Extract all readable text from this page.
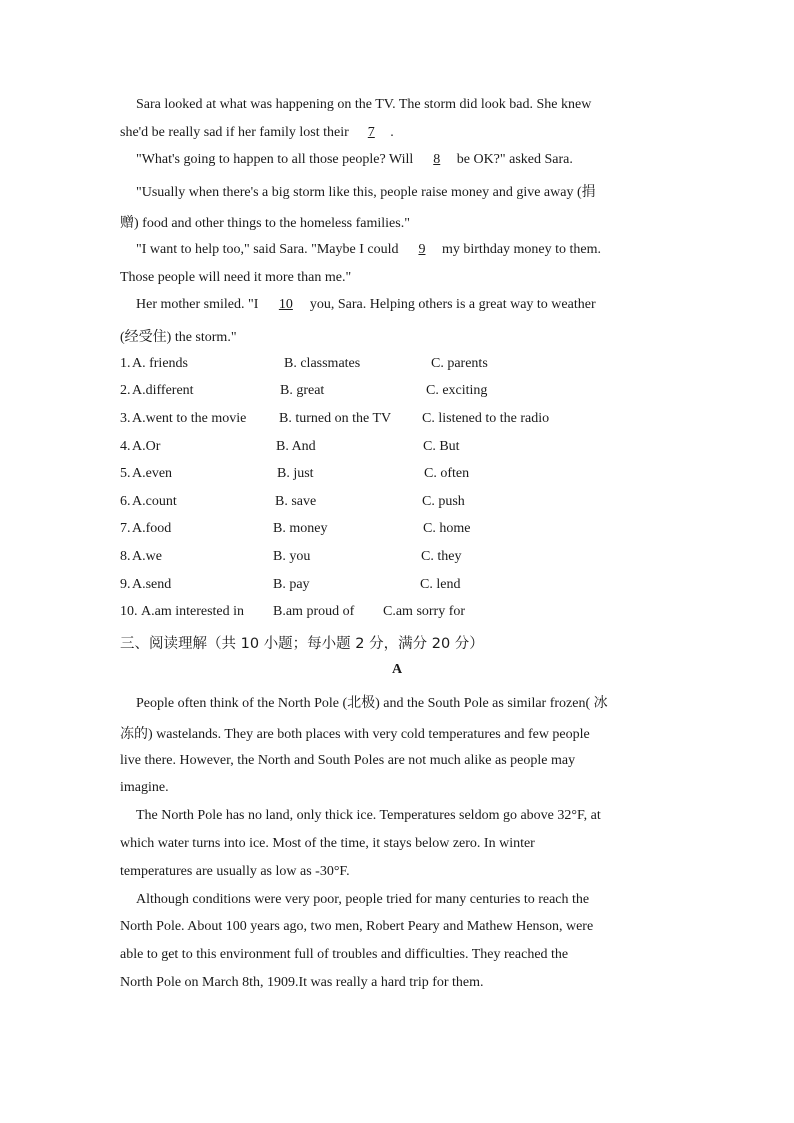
Sara looked at what was happening on the TV. The storm did look bad. She knew
she'd be really sad if her family lost their 7.
"What's going to happen to all those people? Will 8be OK?" asked Sara.
"Usually when there's a big storm like this, people raise money and give away (捐
赠) food and other things to the homeless families."
"I want to help too," said Sara. "Maybe I could 9my birthday money to them.
Those people will need it more than me."
Her mother smiled. "I 10you, Sara. Helping others is a great way to weather
(经受住) the storm."
1. A. friends	B. classmates	C. parents
2. A.different	B. great	C. exciting
3. A.went to the movie B. turned on the TV C. listened to the radio
4. A.Or	B. And	C. But
5. A.even	B. just	C. often
6. A.count	B. save	C. push
7. A.food	B. money	C. home
8. A.we	B. you	C. they
9. A.send	B. pay	C. lend
10. A.am interested in B.am proud of C.am sorry for
三、阅读理解（共 10 小题；每小题 2 分，满分 20 分）
A
People often think of the North Pole (北极) and the South Pole as similar frozen( 冰
冻的) wastelands. They are both places with very cold temperatures and few people
live there. However, the North and South Poles are not much alike as people may
imagine.
The North Pole has no land, only thick ice. Temperatures seldom go above 32°F, at
which water turns into ice. Most of the time, it stays below zero. In winter
temperatures are usually as low as -30°F.
Although conditions were very poor, people tried for many centuries to reach the
North Pole. About 100 years ago, two men, Robert Peary and Mathew Henson, were
able to get to this environment full of troubles and difficulties. They reached the
North Pole on March 8th, 1909.It was really a hard trip for them.
